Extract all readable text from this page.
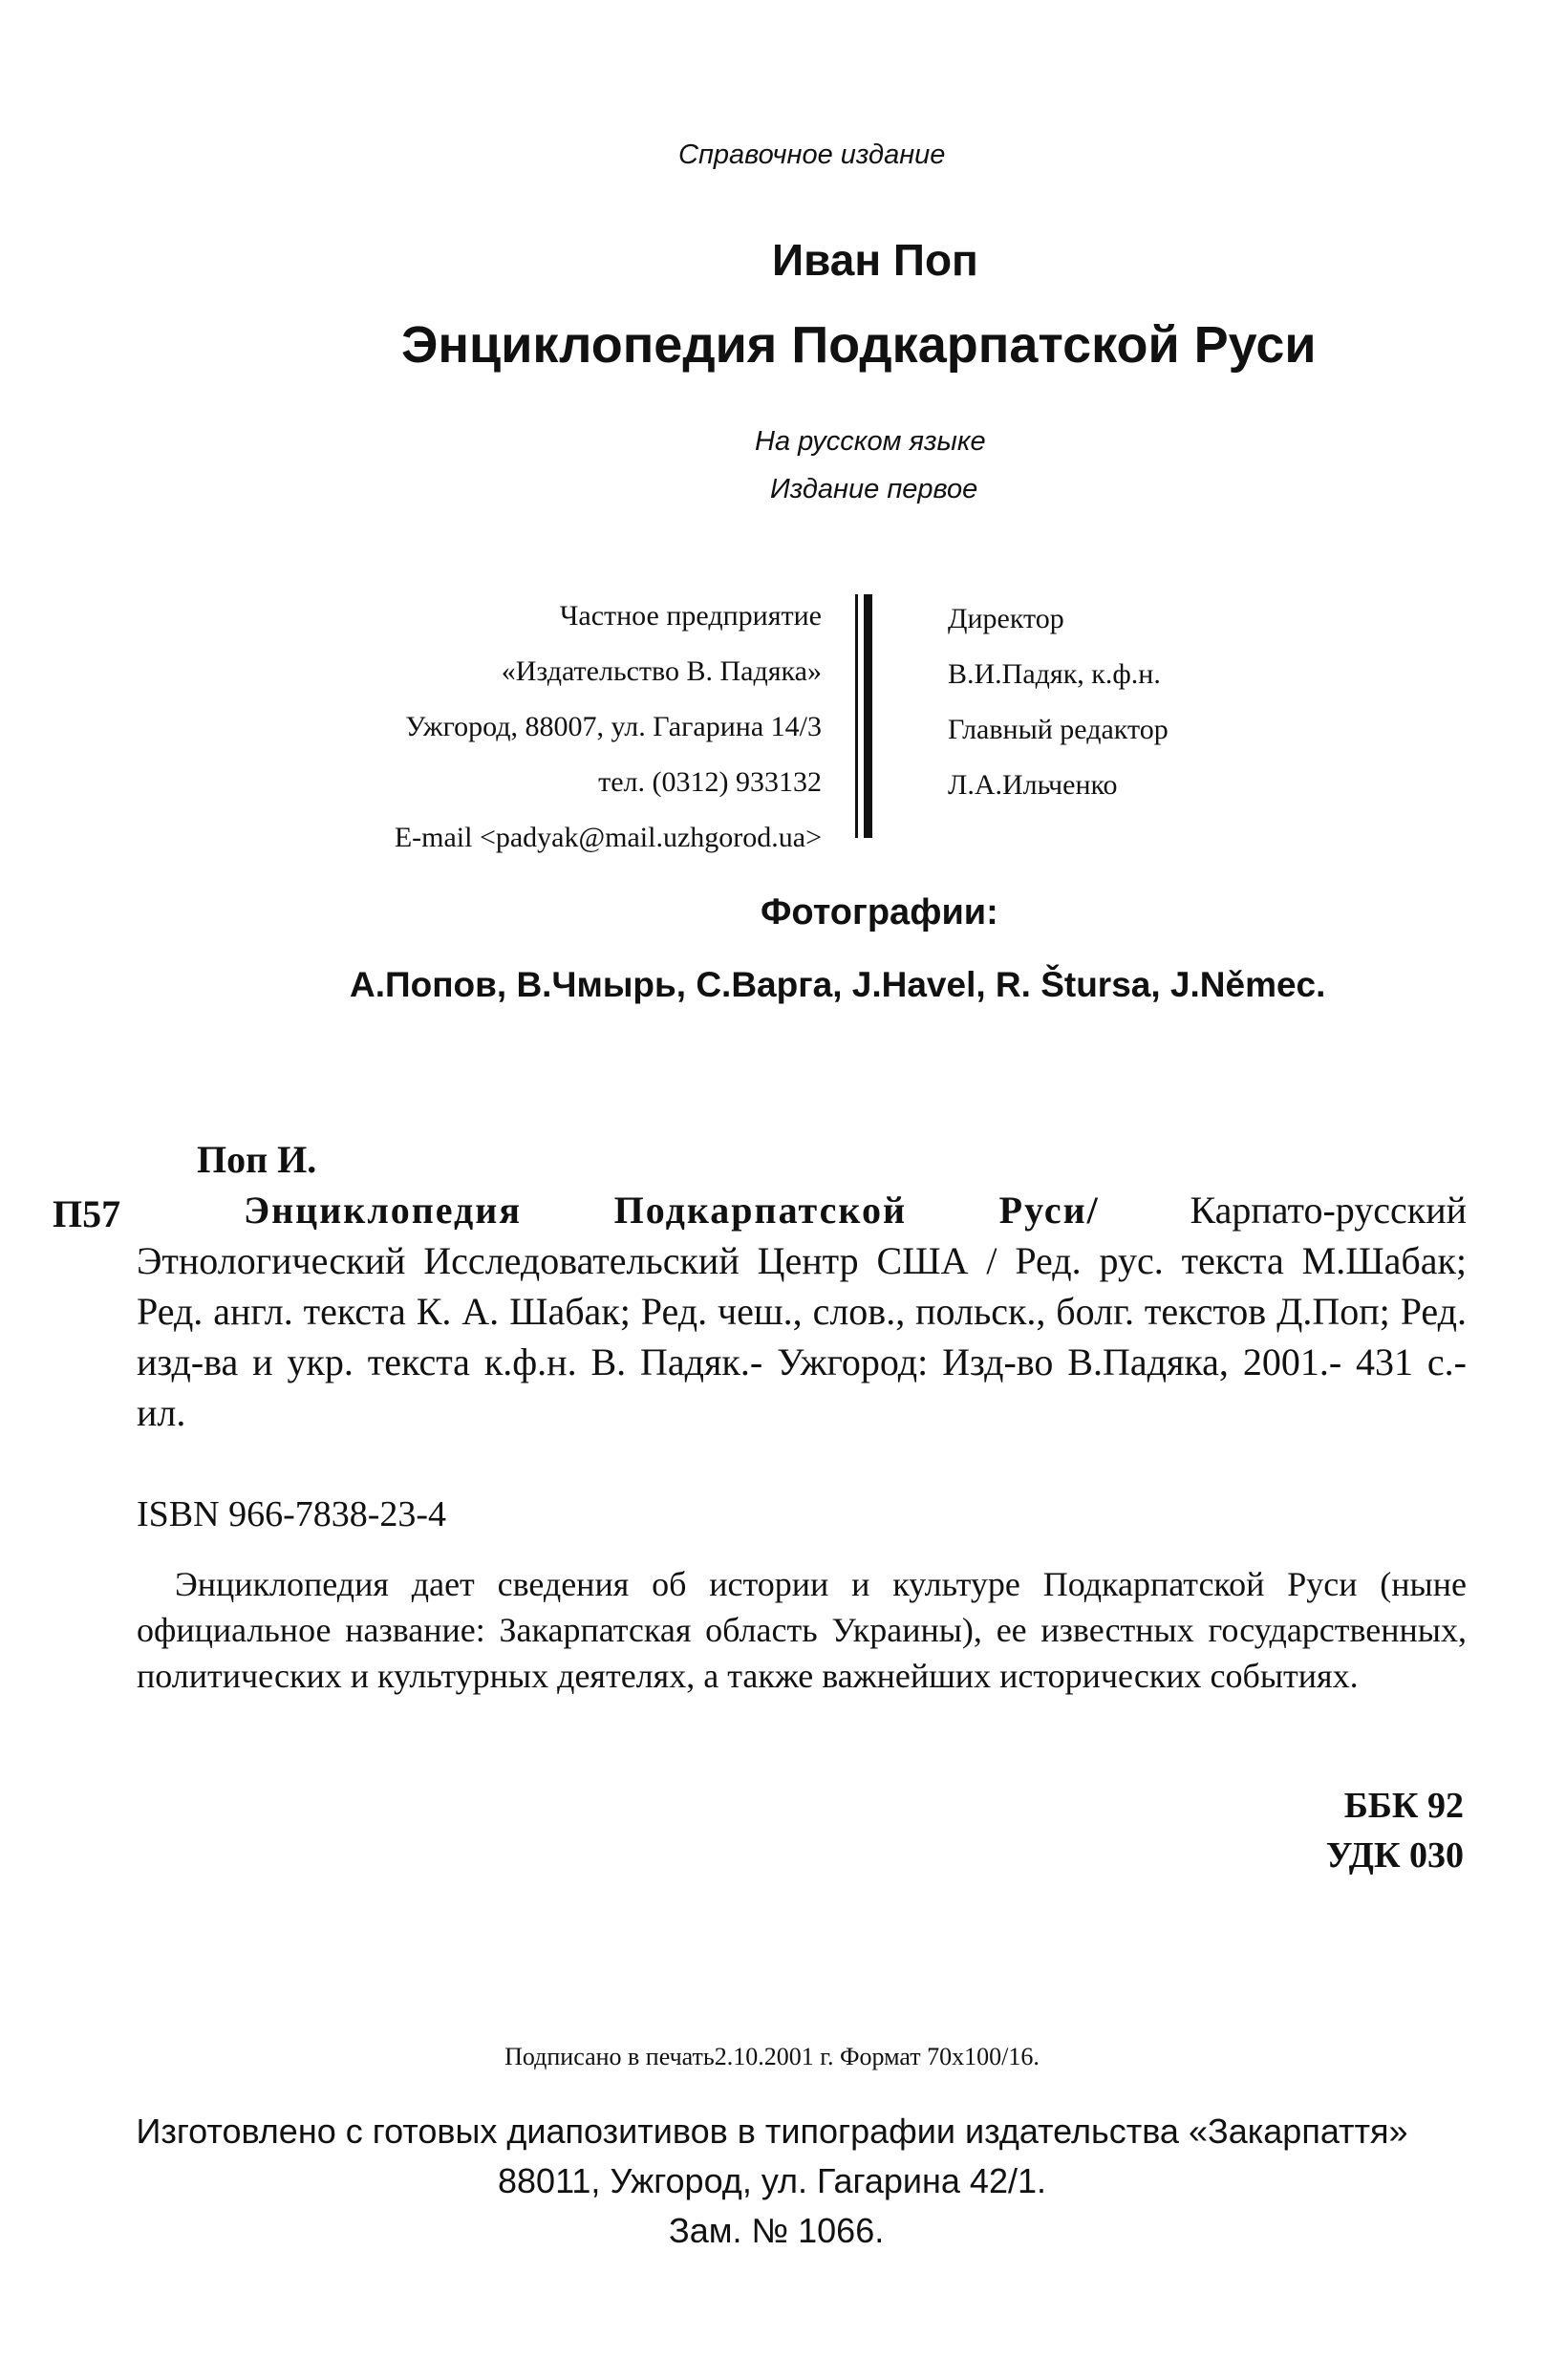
Справочное издание
Иван Поп
Энциклопедия Подкарпатской Руси
На русском языке
Издание первое
Частное предприятие
«Издательство В. Падяка»
Ужгород, 88007, ул. Гагарина 14/3
тел. (0312) 933132
E-mail <padyak@mail.uzhgorod.ua>
Директор
В.И.Падяк, к.ф.н.
Главный редактор
Л.А.Ильченко
Фотографии:
А.Попов, В.Чмырь, С.Варга, J.Havel, R. Štursa, J.Němec.
Поп И.
П57	Энциклопедия Подкарпатской Руси/ Карпато-русский Этнологический Исследовательский Центр США / Ред. рус. текста М.Шабак; Ред. англ. текста К. А. Шабак; Ред. чеш., слов., польск., болг. текстов Д.Поп; Ред. изд-ва и укр. текста к.ф.н. В. Падяк.- Ужгород: Изд-во В.Падяка, 2001.- 431 с.- ил.
ISBN 966-7838-23-4
Энциклопедия дает сведения об истории и культуре Подкарпатской Руси (ныне официальное название: Закарпатская область Украины), ее известных государственных, политических и культурных деятелях, а также важнейших исторических событиях.
ББК 92
УДК 030
Подписано в печать2.10.2001 г. Формат 70х100/16.
Изготовлено с готовых диапозитивов в типографии издательства «Закарпаття»
88011, Ужгород, ул. Гагарина 42/1.
Зам. № 1066.
